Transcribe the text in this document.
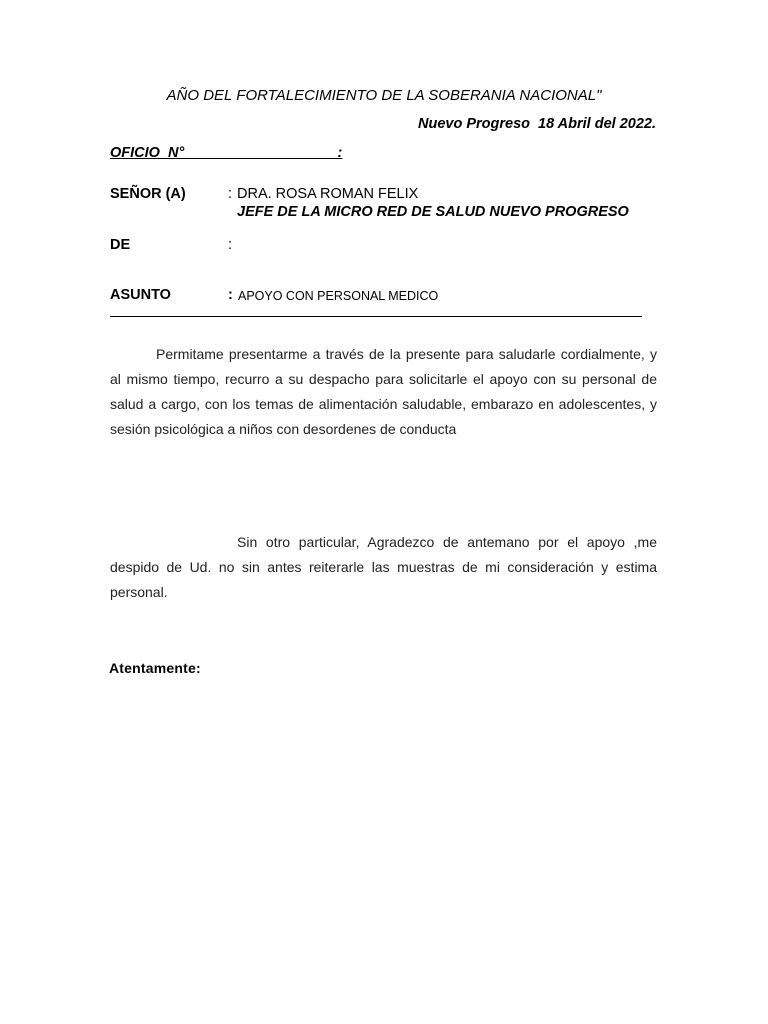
AÑO DEL FORTALECIMIENTO DE LA SOBERANIA NACIONAL"
Nuevo Progreso  18 Abril del 2022.
OFICIO  N°___________________:
SEÑOR (A)	: DRA. ROSA ROMAN FELIX
JEFE DE LA MICRO RED DE SALUD NUEVO PROGRESO
DE	:
ASUNTO	: APOYO CON PERSONAL MEDICO

Permitame presentarme a través de la presente para saludarle cordialmente, y al mismo tiempo, recurro a su despacho para solicitarle el apoyo con su personal de salud a cargo, con los temas de alimentación saludable, embarazo en adolescentes, y sesión psicológica a niños con desordenes de conducta

Sin otro particular, Agradezco de antemano por el apoyo ,me despido de Ud. no sin antes reiterarle las muestras de mi consideración y estima personal.

Atentamente:
